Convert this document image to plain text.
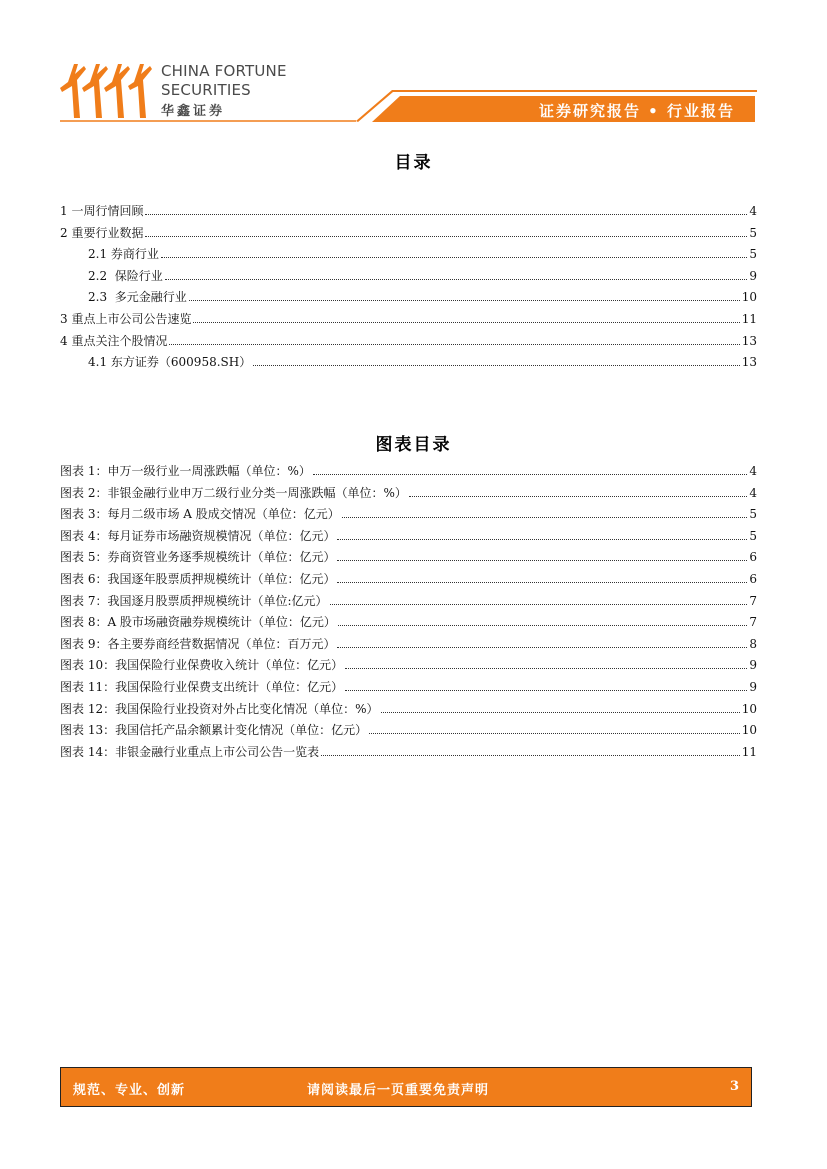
CHINA FORTUNE
SECURITIES
华鑫证券	证券研究报告 • 行业报告
目录
1 一周行情回顾	4
2 重要行业数据	5
2.1 券商行业	5
2.2  保险行业	9
2.3  多元金融行业	10
3 重点上市公司公告速览	11
4 重点关注个股情况	13
4.1 东方证券（600958.SH）	13
图表目录
图表 1：申万一级行业一周涨跌幅（单位：%）	4
图表 2：非银金融行业申万二级行业分类一周涨跌幅（单位：%）	4
图表 3：每月二级市场 A 股成交情况（单位：亿元）	5
图表 4：每月证券市场融资规模情况（单位：亿元）	5
图表 5：券商资管业务逐季规模统计（单位：亿元）	6
图表 6：我国逐年股票质押规模统计（单位：亿元）	6
图表 7：我国逐月股票质押规模统计（单位:亿元）	7
图表 8：A 股市场融资融券规模统计（单位：亿元）	7
图表 9：各主要券商经营数据情况（单位：百万元）	8
图表 10：我国保险行业保费收入统计（单位：亿元）	9
图表 11：我国保险行业保费支出统计（单位：亿元）	9
图表 12：我国保险行业投资对外占比变化情况（单位：%）	10
图表 13：我国信托产品余额累计变化情况（单位：亿元）	10
图表 14：非银金融行业重点上市公司公告一览表	11
规范、专业、创新	请阅读最后一页重要免责声明	3
